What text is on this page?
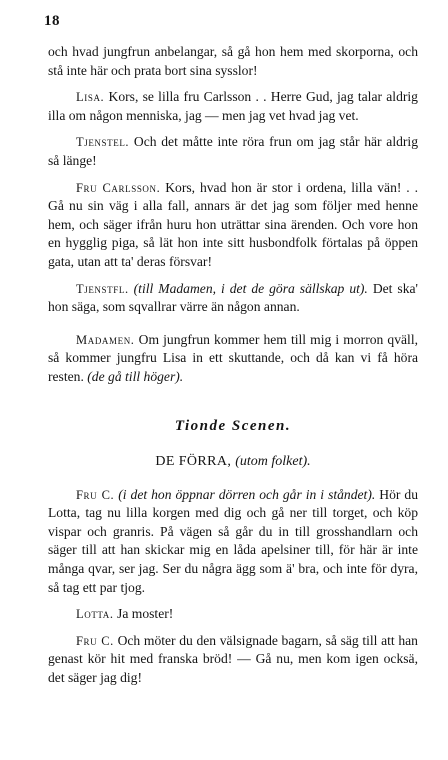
18

och hvad jungfrun anbelangar, så gå hon hem med skorporna, och stå inte här och prata bort sina sysslor!

Lisa. Kors, se lilla fru Carlsson . . Herre Gud, jag talar aldrig illa om någon menniska, jag — men jag vet hvad jag vet.

Tjenstel. Och det måtte inte röra frun om jag står här aldrig så länge!

Fru Carlsson. Kors, hvad hon är stor i ordena, lilla vän! . . Gå nu sin väg i alla fall, annars är det jag som följer med henne hem, och säger ifrån huru hon uträttar sina ärenden. Och vore hon en hygglig piga, så lät hon inte sitt husbondfolk förtalas på öppen gata, utan att ta' deras försvar!

Tjenstfl. (till Madamen, i det de göra sällskap ut). Det ska' hon säga, som sqvallrar värre än någon annan.

Madamen. Om jungfrun kommer hem till mig i morron qväll, så kommer jungfru Lisa in ett skuttande, och då kan vi få höra resten. (de gå till höger).

Tionde Scenen.

DE FÖRRA, (utom folket).

Fru C. (i det hon öppnar dörren och går in i ståndet). Hör du Lotta, tag nu lilla korgen med dig och gå ner till torget, och köp vispar och granris. På vägen så går du in till grosshandlarn och säger till att han skickar mig en låda apelsiner till, för här är inte många qvar, ser jag. Ser du några ägg som ä' bra, och inte för dyra, så tag ett par tjog.

Lotta. Ja moster!

Fru C. Och möter du den välsignade bagarn, så säg till att han genast kör hit med franska bröd! — Gå nu, men kom igen ocksä, det säger jag dig!
